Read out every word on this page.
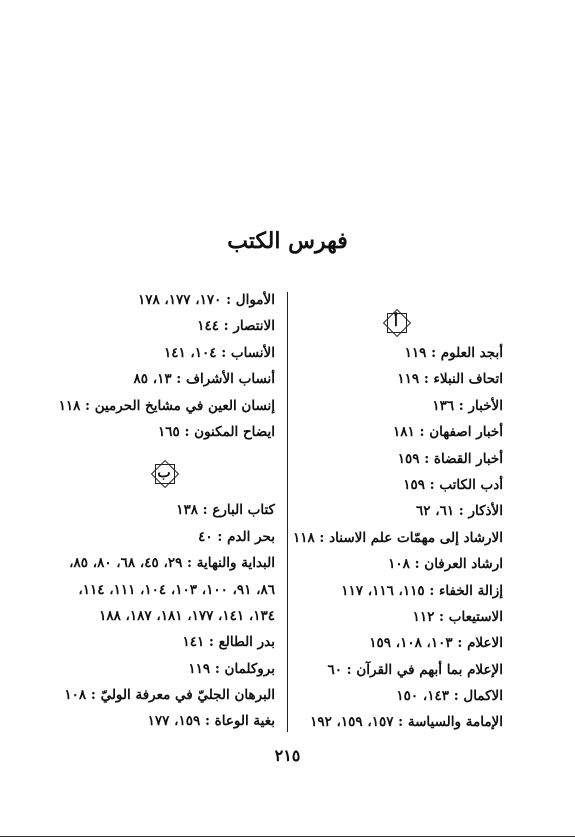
فهرس الكتب
أ
أبجد العلوم : ١١٩
اتحاف النبلاء : ١١٩
الأخبار : ١٣٦
أخبار اصفهان : ١٨١
أخبار القضاة : ١٥٩
أدب الكاتب : ١٥٩
الأذكار : ٦١، ٦٢
الارشاد إلى مهمّات علم الاسناد : ١١٨
ارشاد العرفان : ١٠٨
إزالة الخفاء : ١١٥، ١١٦، ١١٧
الاستيعاب : ١١٢
الاعلام : ١٠٣، ١٠٨، ١٥٩
الإعلام بما أبهم في القرآن : ٦٠
الاكمال : ١٤٣، ١٥٠
الإمامة والسياسة : ١٥٧، ١٥٩، ١٩٢
الأموال : ١٧٠، ١٧٧، ١٧٨
الانتصار : ١٤٤
الأنساب : ١٠٤، ١٤١
أنساب الأشراف : ١٣، ٨٥
إنسان العين في مشايخ الحرمين : ١١٨
ايضاح المكنون : ١٦٥
كتاب البارع : ١٣٨
بحر الدم : ٤٠
البداية والنهاية : ٢٩، ٤٥، ٦٨، ٨٠، ٨٥،
٨٦، ٩١، ١٠٠، ١٠٣، ١٠٤، ١١١، ١١٤،
١٣٤، ١٤١، ١٧٧، ١٨١، ١٨٧، ١٨٨
بدر الطالع : ١٤١
بروكلمان : ١١٩
البرهان الجليّ في معرفة الوليّ : ١٠٨
بغية الوعاة : ١٥٩، ١٧٧
ب
٢١٥
